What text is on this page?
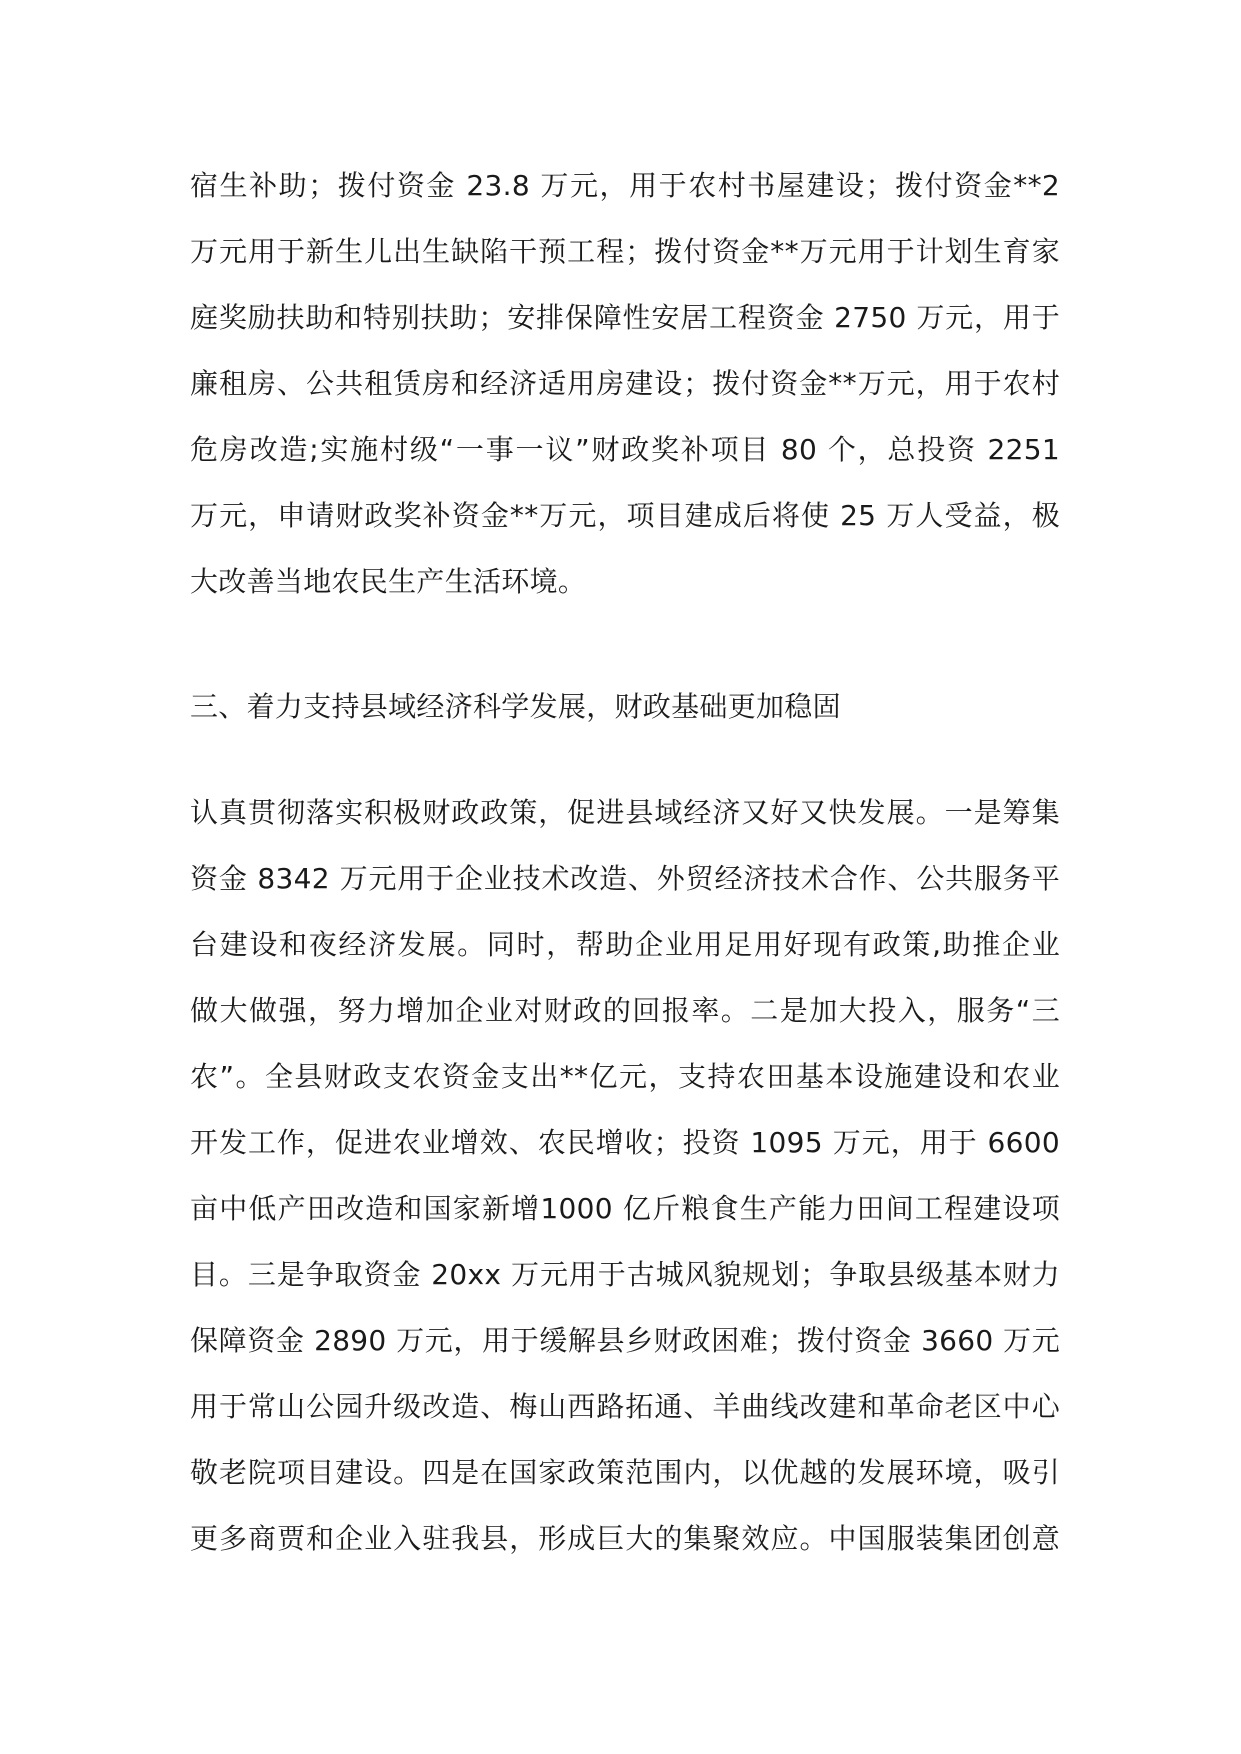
宿生补助；拨付资金 23.8 万元，用于农村书屋建设；拨付资金**2
万元用于新生儿出生缺陷干预工程；拨付资金**万元用于计划生育家
庭奖励扶助和特别扶助；安排保障性安居工程资金 2750 万元，用于
廉租房、公共租赁房和经济适用房建设；拨付资金**万元，用于农村
危房改造;实施村级“一事一议”财政奖补项目 80 个，总投资 2251
万元，申请财政奖补资金**万元，项目建成后将使 25 万人受益，极
大改善当地农民生产生活环境。
三、着力支持县域经济科学发展，财政基础更加稳固
认真贯彻落实积极财政政策，促进县域经济又好又快发展。一是筹集
资金 8342 万元用于企业技术改造、外贸经济技术合作、公共服务平
台建设和夜经济发展。同时，帮助企业用足用好现有政策,助推企业
做大做强，努力增加企业对财政的回报率。二是加大投入，服务“三
农”。全县财政支农资金支出**亿元，支持农田基本设施建设和农业
开发工作，促进农业增效、农民增收；投资 1095 万元，用于 6600
亩中低产田改造和国家新增1000 亿斤粮食生产能力田间工程建设项
目。三是争取资金 20xx 万元用于古城风貌规划；争取县级基本财力
保障资金 2890 万元，用于缓解县乡财政困难；拨付资金 3660 万元
用于常山公园升级改造、梅山西路拓通、羊曲线改建和革命老区中心
敬老院项目建设。四是在国家政策范围内，以优越的发展环境，吸引
更多商贾和企业入驻我县，形成巨大的集聚效应。中国服装集团创意
